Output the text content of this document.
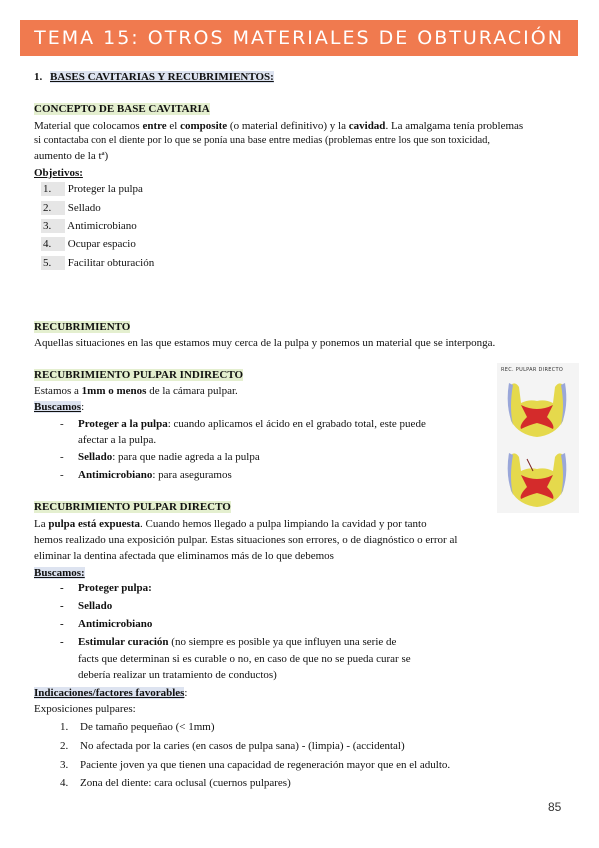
TEMA 15: OTROS MATERIALES DE OBTURACIÓN
1. BASES CAVITARIAS Y RECUBRIMIENTOS:
CONCEPTO DE BASE CAVITARIA
Material que colocamos entre el composite (o material definitivo) y la cavidad. La amalgama tenía problemas
si contactaba con el diente por lo que se ponía una base entre medias (problemas entre los que son toxicidad,
aumento de la tª)
Objetivos:
1. Proteger la pulpa
2. Sellado
3. Antimicrobiano
4. Ocupar espacio
5. Facilitar obturación
RECUBRIMIENTO
Aquellas situaciones en las que estamos muy cerca de la pulpa y ponemos un material que se interponga.
RECUBRIMIENTO PULPAR INDIRECTO
Estamos a 1mm o menos de la cámara pulpar.
Buscamos:
- Proteger a la pulpa: cuando aplicamos el ácido en el grabado total, este puede
afectar a la pulpa.
- Sellado: para que nadie agreda a la pulpa
- Antimicrobiano: para aseguramos
REC. PULPAR DIRECTO
RECUBRIMIENTO PULPAR DIRECTO
La pulpa está expuesta. Cuando hemos llegado a pulpa limpiando la cavidad y por tanto
hemos realizado una exposición pulpar. Estas situaciones son errores, o de diagnóstico o error al
eliminar la dentina afectada que eliminamos más de lo que debemos
Buscamos:
- Proteger pulpa:
- Sellado
- Antimicrobiano
- Estimular curación (no siempre es posible ya que influyen una serie de
facts que determinan si es curable o no, en caso de que no se pueda curar se
debería realizar un tratamiento de conductos)
Indicaciones/factores favorables:
Exposiciones pulpares:
1. De tamaño pequeñao (< 1mm)
2. No afectada por la caries (en casos de pulpa sana) - (limpia) - (accidental)
3. Paciente joven ya que tienen una capacidad de regeneración mayor que en el adulto.
4. Zona del diente: cara oclusal (cuernos pulpares)
85
